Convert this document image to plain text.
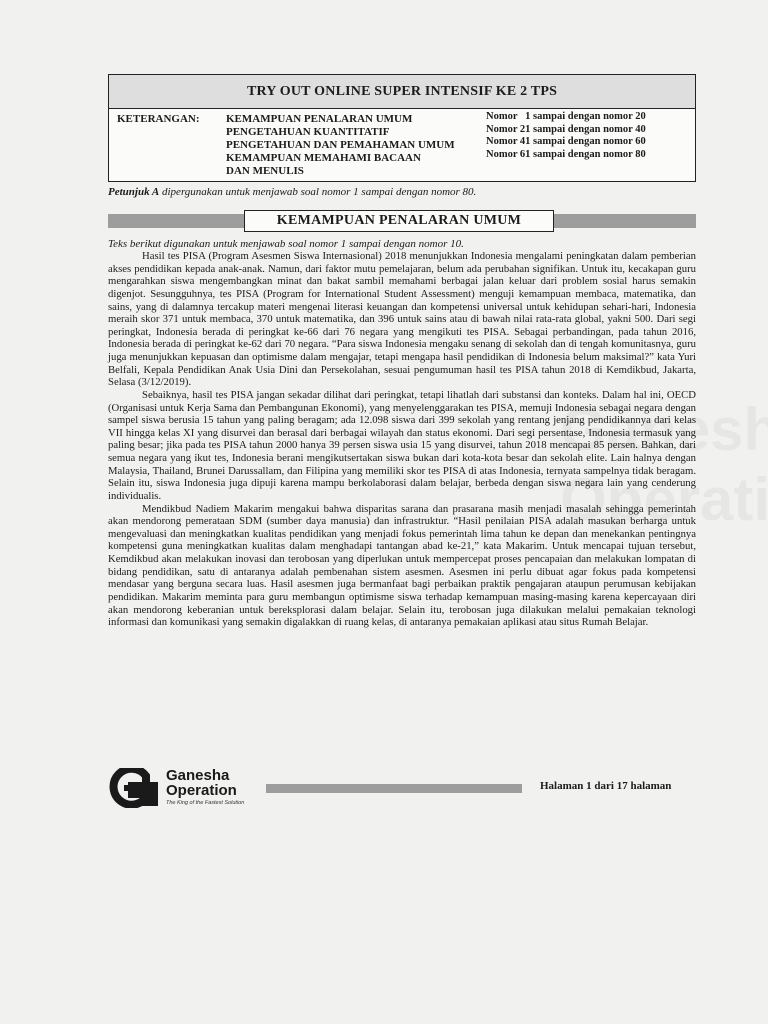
TRY OUT ONLINE SUPER INTENSIF KE 2 TPS
KETERANGAN: KEMAMPUAN PENALARAN UMUM
PENGETAHUAN KUANTITATIF
PENGETAHUAN DAN PEMAHAMAN UMUM
KEMAMPUAN MEMAHAMI BACAAN
DAN MENULIS
Nomor   1 sampai dengan nomor 20
Nomor 21 sampai dengan nomor 40
Nomor 41 sampai dengan nomor 60
Nomor 61 sampai dengan nomor 80
Petunjuk A dipergunakan untuk menjawab soal nomor 1 sampai dengan nomor 80.
KEMAMPUAN PENALARAN UMUM
Teks berikut digunakan untuk menjawab soal nomor 1 sampai dengan nomor 10.

Hasil tes PISA (Program Asesmen Siswa Internasional) 2018 menunjukkan Indonesia mengalami peningkatan dalam pemberian akses pendidikan kepada anak-anak. Namun, dari faktor mutu pemelajaran, belum ada perubahan signifikan. Untuk itu, kecakapan guru mengarahkan siswa mengembangkan minat dan bakat sambil memahami berbagai jalan keluar dari problem sosial harus semakin digenjot. Sesungguhnya, tes PISA (Program for International Student Assessment) menguji kemampuan membaca, matematika, dan sains, yang di dalamnya tercakup materi mengenai literasi keuangan dan kompetensi universal untuk kehidupan sehari-hari, Indonesia meraih skor 371 untuk membaca, 370 untuk matematika, dan 396 untuk sains atau di bawah nilai rata-rata global, yakni 500. Dari segi peringkat, Indonesia berada di peringkat ke-66 dari 76 negara yang mengikuti tes PISA. Sebagai perbandingan, pada tahun 2016, Indonesia berada di peringkat ke-62 dari 70 negara. “Para siswa Indonesia mengaku senang di sekolah dan di tengah komunitasnya, guru juga menunjukkan kepuasan dan optimisme dalam mengajar, tetapi mengapa hasil pendidikan di Indonesia belum maksimal?” kata Yuri Belfali, Kepala Pendidikan Anak Usia Dini dan Persekolahan, sesuai pengumuman hasil tes PISA tahun 2018 di Kemdikbud, Jakarta, Selasa (3/12/2019).

Sebaiknya, hasil tes PISA jangan sekadar dilihat dari peringkat, tetapi lihatlah dari substansi dan konteks. Dalam hal ini, OECD (Organisasi untuk Kerja Sama dan Pembangunan Ekonomi), yang menyelenggarakan tes PISA, memuji Indonesia sebagai negara dengan sampel siswa berusia 15 tahun yang paling beragam; ada 12.098 siswa dari 399 sekolah yang rentang jenjang pendidikannya dari kelas VII hingga kelas XI yang disurvei dan berasal dari berbagai wilayah dan status ekonomi. Dari segi persentase, Indonesia termasuk yang paling besar; jika pada tes PISA tahun 2000 hanya 39 persen siswa usia 15 yang disurvei, tahun 2018 mencapai 85 persen. Bahkan, dari semua negara yang ikut tes, Indonesia berani mengikutsertakan siswa bukan dari kota-kota besar dan sekolah elite. Lain halnya dengan Malaysia, Thailand, Brunei Darussallam, dan Filipina yang memiliki skor tes PISA di atas Indonesia, ternyata sampelnya tidak beragam. Selain itu, siswa Indonesia juga dipuji karena mampu berkolaborasi dalam belajar, berbeda dengan siswa negara lain yang cenderung individualis.

Mendikbud Nadiem Makarim mengakui bahwa disparitas sarana dan prasarana masih menjadi masalah sehingga pemerintah akan mendorong pemerataan SDM (sumber daya manusia) dan infrastruktur. “Hasil penilaian PISA adalah masukan berharga untuk mengevaluasi dan meningkatkan kualitas pendidikan yang menjadi fokus pemerintah lima tahun ke depan dan menekankan pentingnya kompetensi guna meningkatkan kualitas dalam menghadapi tantangan abad ke-21,” kata Makarim. Untuk mencapai tujuan tersebut, Kemdikbud akan melakukan inovasi dan terobosan yang diperlukan untuk mempercepat proses pencapaian dan melakukan lompatan di bidang pendidikan, satu di antaranya adalah pembenahan sistem asesmen. Asesmen ini perlu dibuat agar fokus pada kompetensi mendasar yang berguna secara luas. Hasil asesmen juga bermanfaat bagi perbaikan praktik pengajaran ataupun perumusan kebijakan pendidikan. Makarim meminta para guru membangun optimisme siswa terhadap kemampuan masing-masing karena kepercayaan diri akan mendorong keberanian untuk bereksplorasi dalam belajar. Selain itu, terobosan juga dilakukan melalui pemakaian teknologi informasi dan komunikasi yang semakin digalakkan di ruang kelas, di antaranya pemakaian aplikasi atau situs Rumah Belajar.

Ganesha
Operation
The King of the Fastest Solution
Halaman 1 dari 17 halaman
